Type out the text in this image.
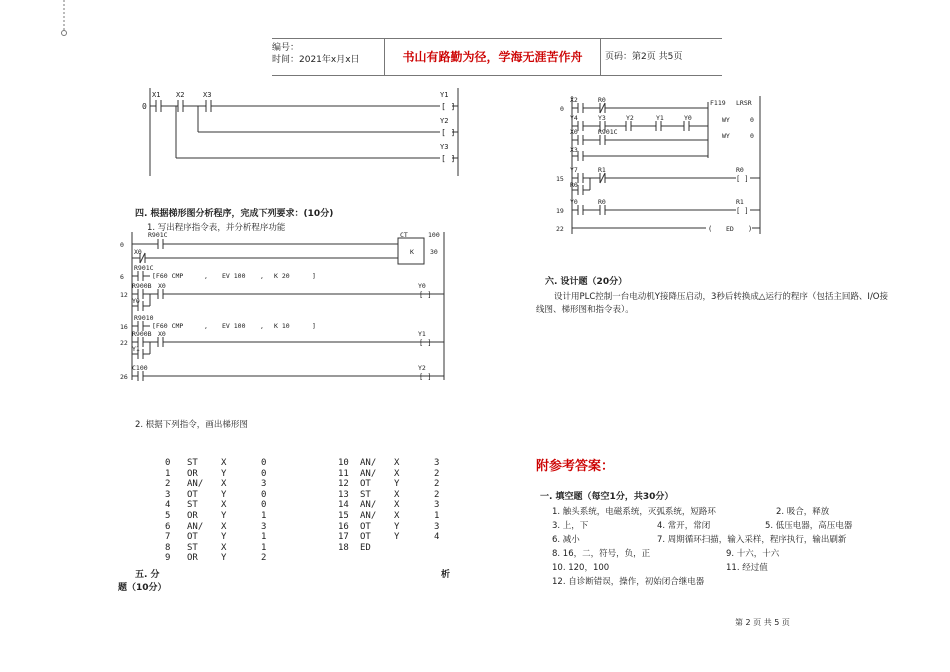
编号：
时间：2021年x月x日	书山有路勤为径，学海无涯苦作舟	页码：第2页 共5页
0
X1 X2	X3	Y1
Y2
Y3
[ ]
[ ]
[ ]
四. 根据梯形图分析程序，完成下列要求：(10分)
1. 写出程序指令表，并分析程序功能
0
6
12
16
22
26
R901C
X0
CT	100
K 30
R901C
[F60 CMP	, EV 100 , K 20	]
R900B X0	Y0
Y0
R9010
[F60 CMP	, EV 100 , K 10	]
R900B X0	Y1
Y1
C100	Y2
[ ]
[ ]
[ ]
2. 根据下列指令，画出梯形图
0	ST	X	0
1	OR	Y	0
2	AN/	X	3
3	OT	Y	0
4	ST	X	0
5	OR	Y	1
6	AN/	X	3
7	OT	Y	1
8	ST	X	1
9	OR	Y	2
10	AN/	X	3
11	AN/	X	2
12	OT	Y	2
13	ST	X	2
14	AN/	X	3
15	AN/	X	1
16	OT	Y	3
17	OT	Y	4
18	ED		
五. 分	析
题（10分）
0
15
19
22
X2	R0	F119 LRSR
Y4	Y3	Y2	Y1	Y0	WY	0
X0	R901C	WY	0
X3
Y7	R1	R0
R0
Y0	R0	R1
ED
[ ]
[ ]
(	)
六. 设计题（20分）
设计用PLC控制一台电动机Y接降压启动，3秒后转换成△运行的程序（包括主回路、I/O接线图、梯形图和指令表）。
附参考答案：
一. 填空题（每空1分，共30分）
1. 触头系统，电磁系统，灭弧系统，短路环	2. 吸合，释放
3. 上，下	4. 常开，常闭	5. 低压电器，高压电器
6. 减小	7. 周期循环扫描，输入采样，程序执行，输出刷新
8. 16，二，符号，负，正	9. 十六，十六
10. 120，100	11. 经过值
12. 自诊断错误，操作，初始闭合继电器
第 2 页 共 5 页
